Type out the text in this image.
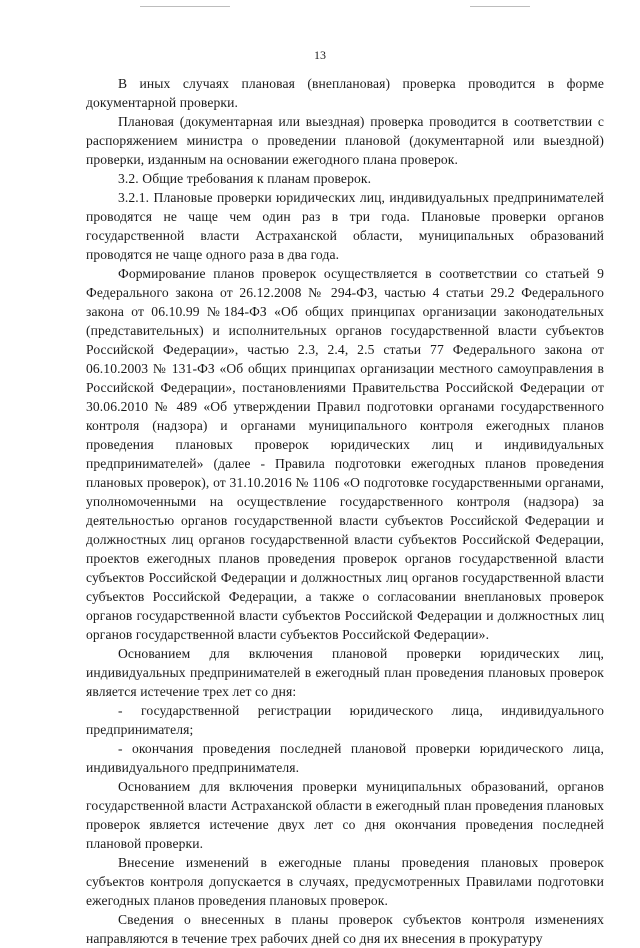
13

В иных случаях плановая (внеплановая) проверка проводится в форме документарной проверки.

Плановая (документарная или выездная) проверка проводится в соответствии с распоряжением министра о проведении плановой (документарной или выездной) проверки, изданным на основании ежегодного плана проверок.

3.2. Общие требования к планам проверок.

3.2.1. Плановые проверки юридических лиц, индивидуальных предпринимателей проводятся не чаще чем один раз в три года. Плановые проверки органов государственной власти Астраханской области, муниципальных образований проводятся не чаще одного раза в два года.

Формирование планов проверок осуществляется в соответствии со статьей 9 Федерального закона от 26.12.2008 № 294-ФЗ, частью 4 статьи 29.2 Федерального закона от 06.10.99 №184-ФЗ «Об общих принципах организации законодательных (представительных) и исполнительных органов государственной власти субъектов Российской Федерации», частью 2.3, 2.4, 2.5 статьи 77 Федерального закона от 06.10.2003 № 131-ФЗ «Об общих принципах организации местного самоуправления в Российской Федерации», постановлениями Правительства Российской Федерации от 30.06.2010 № 489 «Об утверждении Правил подготовки органами государственного контроля (надзора) и органами муниципального контроля ежегодных планов проведения плановых проверок юридических лиц и индивидуальных предпринимателей» (далее - Правила подготовки ежегодных планов проведения плановых проверок), от 31.10.2016 № 1106 «О подготовке государственными органами, уполномоченными на осуществление государственного контроля (надзора) за деятельностью органов государственной власти субъектов Российской Федерации и должностных лиц органов государственной власти субъектов Российской Федерации, проектов ежегодных планов проведения проверок органов государственной власти субъектов Российской Федерации и должностных лиц органов государственной власти субъектов Российской Федерации, а также о согласовании внеплановых проверок органов государственной власти субъектов Российской Федерации и должностных лиц органов государственной власти субъектов Российской Федерации».

Основанием для включения плановой проверки юридических лиц, индивидуальных предпринимателей в ежегодный план проведения плановых проверок является истечение трех лет со дня:

- государственной регистрации юридического лица, индивидуального предпринимателя;

- окончания проведения последней плановой проверки юридического лица, индивидуального предпринимателя.

Основанием для включения проверки муниципальных образований, органов государственной власти Астраханской области в ежегодный план проведения плановых проверок является истечение двух лет со дня окончания проведения последней плановой проверки.

Внесение изменений в ежегодные планы проведения плановых проверок субъектов контроля допускается в случаях, предусмотренных Правилами подготовки ежегодных планов проведения плановых проверок.

Сведения о внесенных в планы проверок субъектов контроля изменениях направляются в течение трех рабочих дней со дня их внесения в прокуратуру
